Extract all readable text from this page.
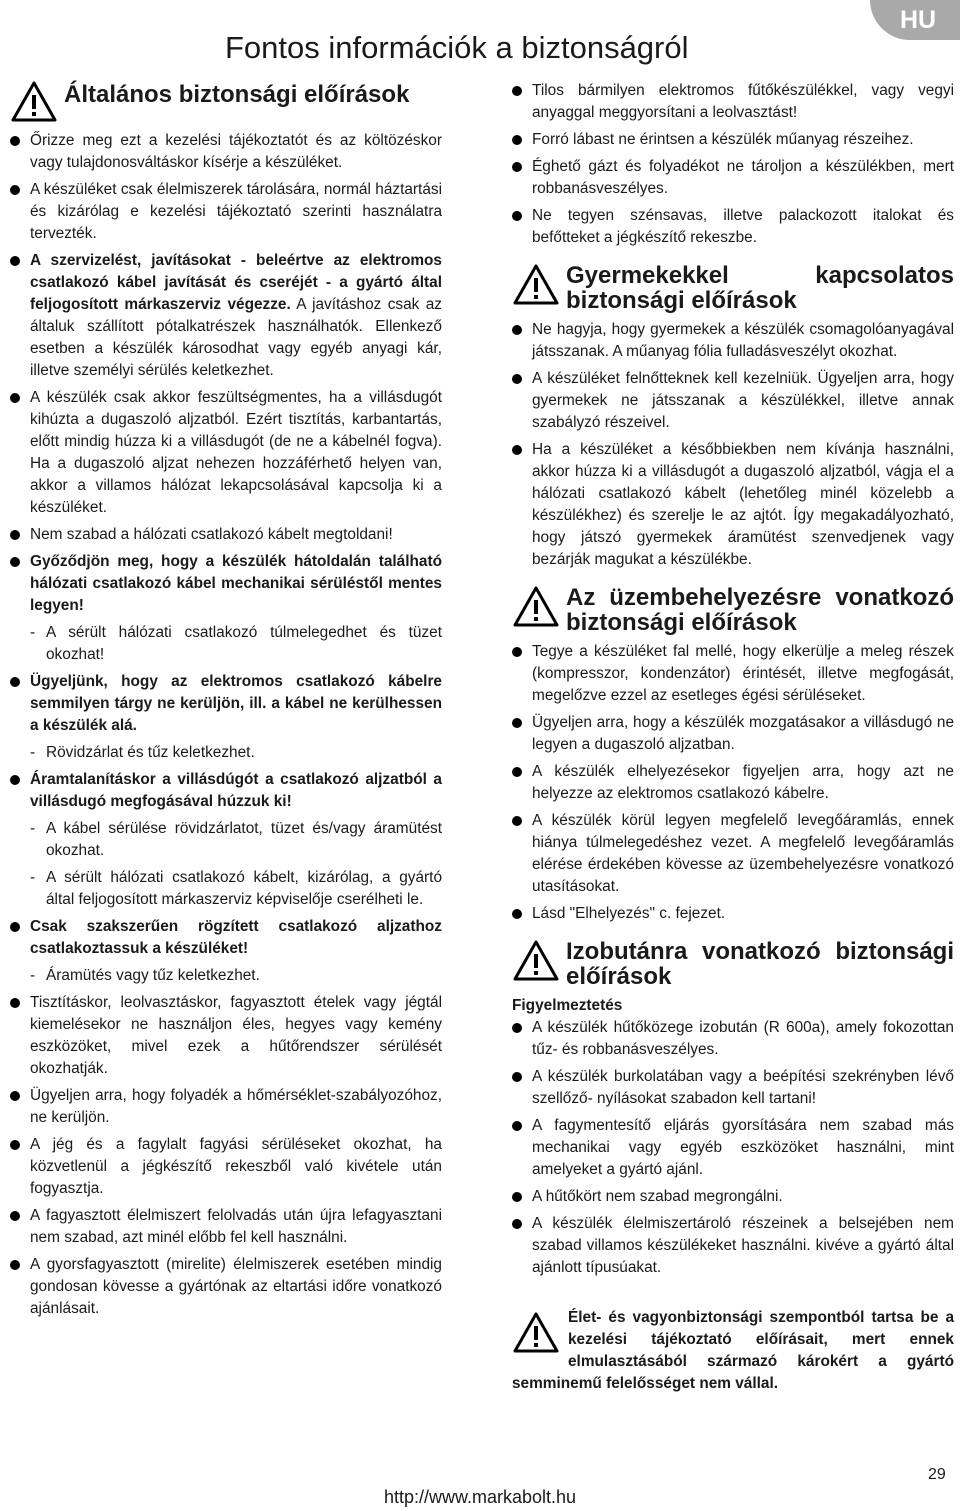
HU
Fontos információk a biztonságról
Általános biztonsági előírások
Őrizze meg ezt a kezelési tájékoztatót és az költözéskor vagy tulajdonosváltáskor kísérje a készüléket.
A készüléket csak élelmiszerek tárolására, normál háztartási és kizárólag e kezelési tájékoztató szerinti használatra tervezték.
A szervizelést, javításokat - beleértve az elektromos csatlakozó kábel javítását és cseréjét - a gyártó által feljogosított márkaszerviz végezze. A javításhoz csak az általuk szállított pótalkatrészek használhatók. Ellenkező esetben a készülék károsodhat vagy egyéb anyagi kár, illetve személyi sérülés keletkezhet.
A készülék csak akkor feszültségmentes, ha a villásdugót kihúzta a dugaszoló aljzatból. Ezért tisztítás, karbantartás, előtt mindig húzza ki a villásdugót (de ne a kábelnél fogva). Ha a dugaszoló aljzat nehezen hozzáférhető helyen van, akkor a villamos hálózat lekapcsolásával kapcsolja ki a készüléket.
Nem szabad a hálózati csatlakozó kábelt megtoldani!
Győződjön meg, hogy a készülék hátoldalán található hálózati csatlakozó kábel mechanikai sérüléstől mentes legyen!
- A sérült hálózati csatlakozó túlmelegedhet és tüzet okozhat!
Ügyeljünk, hogy az elektromos csatlakozó kábelre semmilyen tárgy ne kerüljön, ill. a kábel ne kerülhessen a készülék alá.
- Rövidzárlat és tűz keletkezhet.
Áramtalanításkor a villásdúgót a csatlakozó aljzatból a villásdugó megfogásával húzzuk ki!
- A kábel sérülése rövidzárlatot, tüzet és/vagy áramütést okozhat.
- A sérült hálózati csatlakozó kábelt, kizárólag, a gyártó által feljogosított márkaszerviz képviselője cserélheti le.
Csak szakszerűen rögzített csatlakozó aljzathoz csatlakoztassuk a készüléket!
- Áramütés vagy tűz keletkezhet.
Tisztításkor, leolvasztáskor, fagyasztott ételek vagy jégtál kiemelésekor ne használjon éles, hegyes vagy kemény eszközöket, mivel ezek a hűtőrendszer sérülését okozhatják.
Ügyeljen arra, hogy folyadék a hőmérséklet-szabályozóhoz, ne kerüljön.
A jég és a fagylalt fagyási sérüléseket okozhat, ha közvetlenül a jégkészítő rekeszből való kivétele után fogyasztja.
A fagyasztott élelmiszert felolvadás után újra lefagyasztani nem szabad, azt minél előbb fel kell használni.
A gyorsfagyasztott (mirelite) élelmiszerek esetében mindig gondosan kövesse a gyártónak az eltartási időre vonatkozó ajánlásait.
Tilos bármilyen elektromos fűtőkészülékkel, vagy vegyi anyaggal meggyorsítani a leolvasztást!
Forró lábast ne érintsen a készülék műanyag részeihez.
Éghető gázt és folyadékot ne tároljon a készülékben, mert robbanásveszélyes.
Ne tegyen szénsavas, illetve palackozott italokat és befőtteket a jégkészítő rekeszbe.
Gyermekekkel kapcsolatos biztonsági előírások
Ne hagyja, hogy gyermekek a készülék csomagolóanyagával játsszanak. A műanyag fólia fulladásveszélyt okozhat.
A készüléket felnőtteknek kell kezelniük. Ügyeljen arra, hogy gyermekek ne játsszanak a készülékkel, illetve annak szabályzó részeivel.
Ha a készüléket a későbbiekben nem kívánja használni, akkor húzza ki a villásdugót a dugaszoló aljzatból, vágja el a hálózati csatlakozó kábelt (lehetőleg minél közelebb a készülékhez) és szerelje le az ajtót. Így megakadályozható, hogy játszó gyermekek áramütést szenvedjenek vagy bezárják magukat a készülékbe.
Az üzembehelyezésre vonatkozó biztonsági előírások
Tegye a készüléket fal mellé, hogy elkerülje a meleg részek (kompresszor, kondenzátor) érintését, illetve megfogását, megelőzve ezzel az esetleges égési sérüléseket.
Ügyeljen arra, hogy a készülék mozgatásakor a villásdugó ne legyen a dugaszoló aljzatban.
A készülék elhelyezésekor figyeljen arra, hogy azt ne helyezze az elektromos csatlakozó kábelre.
A készülék körül legyen megfelelő levegőáramlás, ennek hiánya túlmelegedéshez vezet. A megfelelő levegőáramlás elérése érdekében kövesse az üzembehelyezésre vonatkozó utasításokat.
Lásd "Elhelyezés" c. fejezet.
Izobutánra vonatkozó biztonsági előírások
Figyelmeztetés
A készülék hűtőközege izobután (R 600a), amely fokozottan tűz- és robbanásveszélyes.
A készülék burkolatában vagy a beépítési szekrényben lévő szellőző- nyílásokat szabadon kell tartani!
A fagymentesítő eljárás gyorsítására nem szabad más mechanikai vagy egyéb eszközöket használni, mint amelyeket a gyártó ajánl.
A hűtőkört nem szabad megrongálni.
A készülék élelmiszertároló részeinek a belsejében nem szabad villamos készülékeket használni. kivéve a gyártó által ajánlott típusúakat.
Élet- és vagyonbiztonsági szempontból tartsa be a kezelési tájékoztató előírásait, mert ennek elmulasztásából származó károkért a gyártó semminemű felelősséget nem vállal.
29
http://www.markabolt.hu
